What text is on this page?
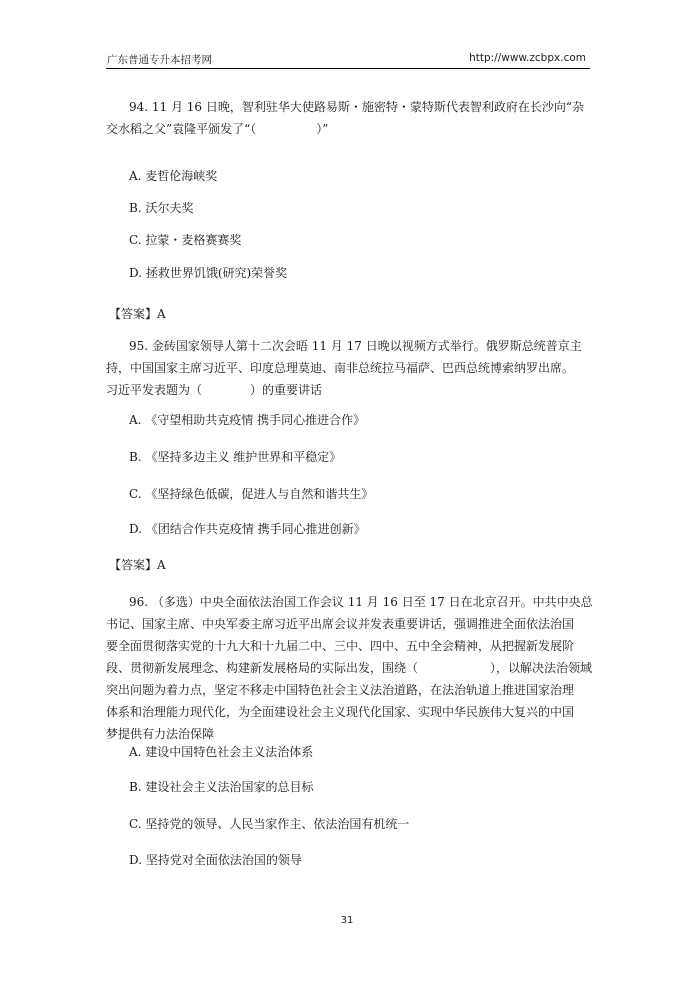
广东普通专升本招考网	http://www.zcbpx.com
94. 11 月 16 日晚，智利驻华大使路易斯・施密特・蒙特斯代表智利政府在长沙向“杂
交水稻之父”袁隆平颁发了“（　　　　　）”
A. 麦哲伦海峡奖
B. 沃尔夫奖
C. 拉蒙・麦格赛赛奖
D. 拯救世界饥饿(研究)荣誉奖
【答案】A
95. 金砖国家领导人第十二次会晤 11 月 17 日晚以视频方式举行。俄罗斯总统普京主
持，中国国家主席习近平、印度总理莫迪、南非总统拉马福萨、巴西总统博索纳罗出席。
习近平发表题为（　　　　）的重要讲话
A. 《守望相助共克疫情 携手同心推进合作》
B. 《坚持多边主义 维护世界和平稳定》
C. 《坚持绿色低碳，促进人与自然和谐共生》
D. 《团结合作共克疫情 携手同心推进创新》
【答案】A
96. （多选）中央全面依法治国工作会议 11 月 16 日至 17 日在北京召开。中共中央总
书记、国家主席、中央军委主席习近平出席会议并发表重要讲话，强调推进全面依法治国
要全面贯彻落实党的十九大和十九届二中、三中、四中、五中全会精神，从把握新发展阶
段、贯彻新发展理念、构建新发展格局的实际出发，围绕（　　　　　　），以解决法治领域
突出问题为着力点，坚定不移走中国特色社会主义法治道路，在法治轨道上推进国家治理
体系和治理能力现代化，为全面建设社会主义现代化国家、实现中华民族伟大复兴的中国
梦提供有力法治保障
A. 建设中国特色社会主义法治体系
B. 建设社会主义法治国家的总目标
C. 坚持党的领导、人民当家作主、依法治国有机统一
D. 坚持党对全面依法治国的领导
31
